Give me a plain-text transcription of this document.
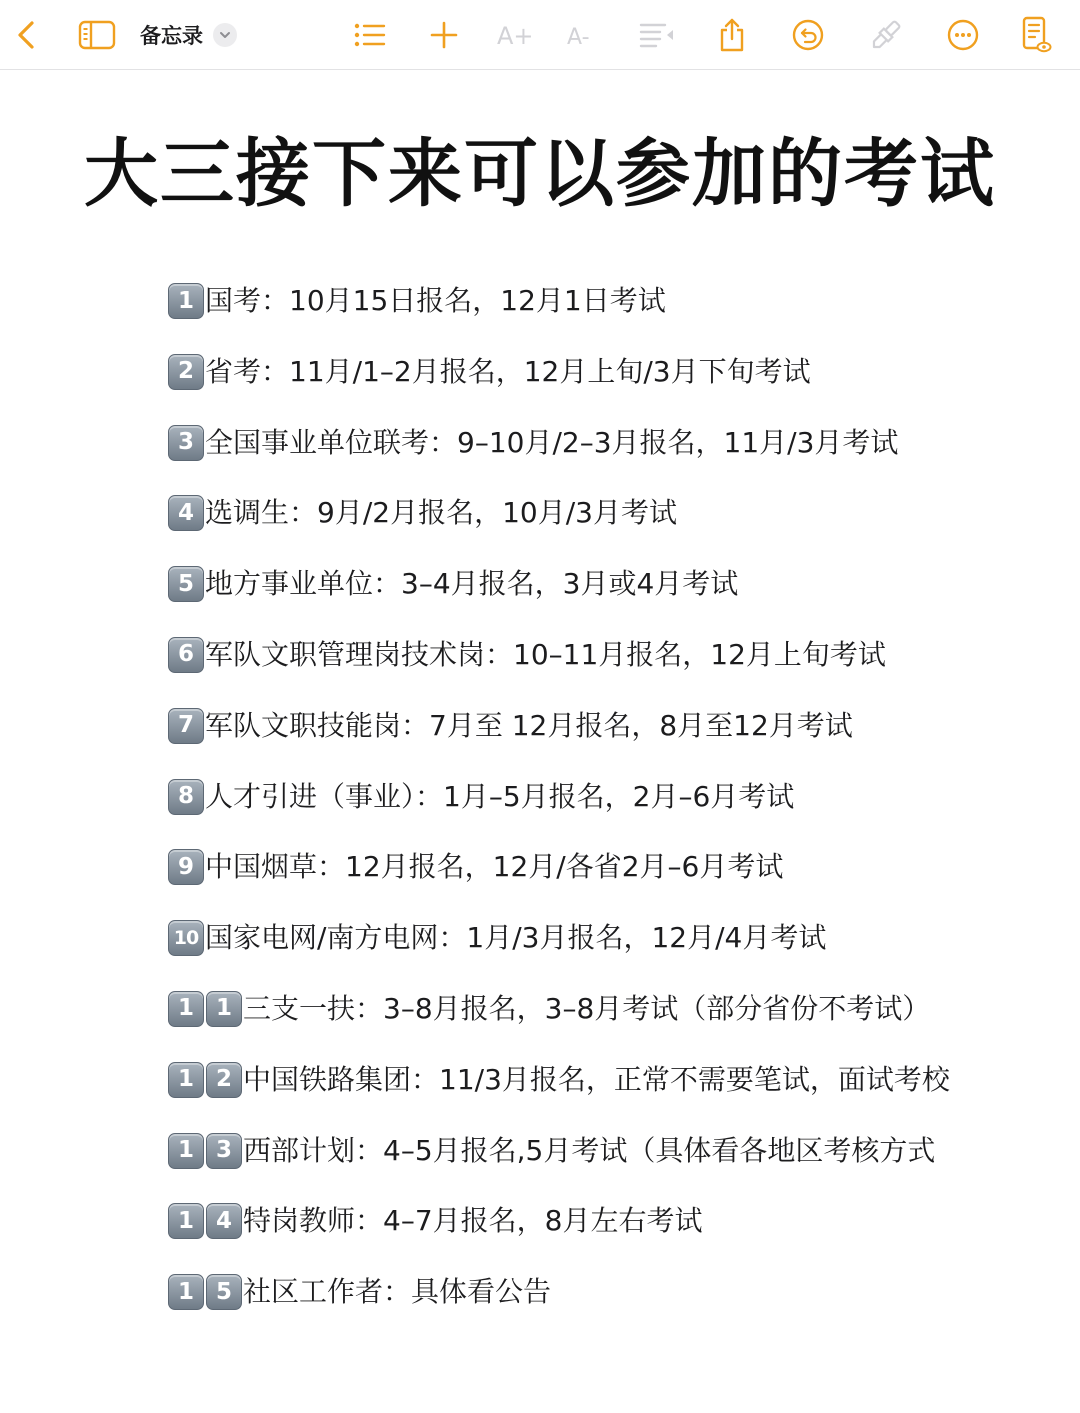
备忘录	A+ A-
大三接下来可以参加的考试
1 国考：10月15日报名，12月1日考试
2 省考：11月/1–2月报名，12月上旬/3月下旬考试
3 全国事业单位联考：9–10月/2–3月报名，11月/3月考试
4 选调生：9月/2月报名，10月/3月考试
5 地方事业单位：3–4月报名，3月或4月考试
6 军队文职管理岗技术岗：10–11月报名，12月上旬考试
7 军队文职技能岗：7月至 12月报名，8月至12月考试
8 人才引进（事业）：1月–5月报名，2月–6月考试
9 中国烟草：12月报名，12月/各省2月–6月考试
10 国家电网/南方电网：1月/3月报名，12月/4月考试
1 1 三支一扶：3–8月报名，3–8月考试（部分省份不考试）
1 2 中国铁路集团：11/3月报名，正常不需要笔试，面试考校
1 3 西部计划：4–5月报名,5月考试（具体看各地区考核方式
1 4 特岗教师：4–7月报名，8月左右考试
1 5 社区工作者：具体看公告
